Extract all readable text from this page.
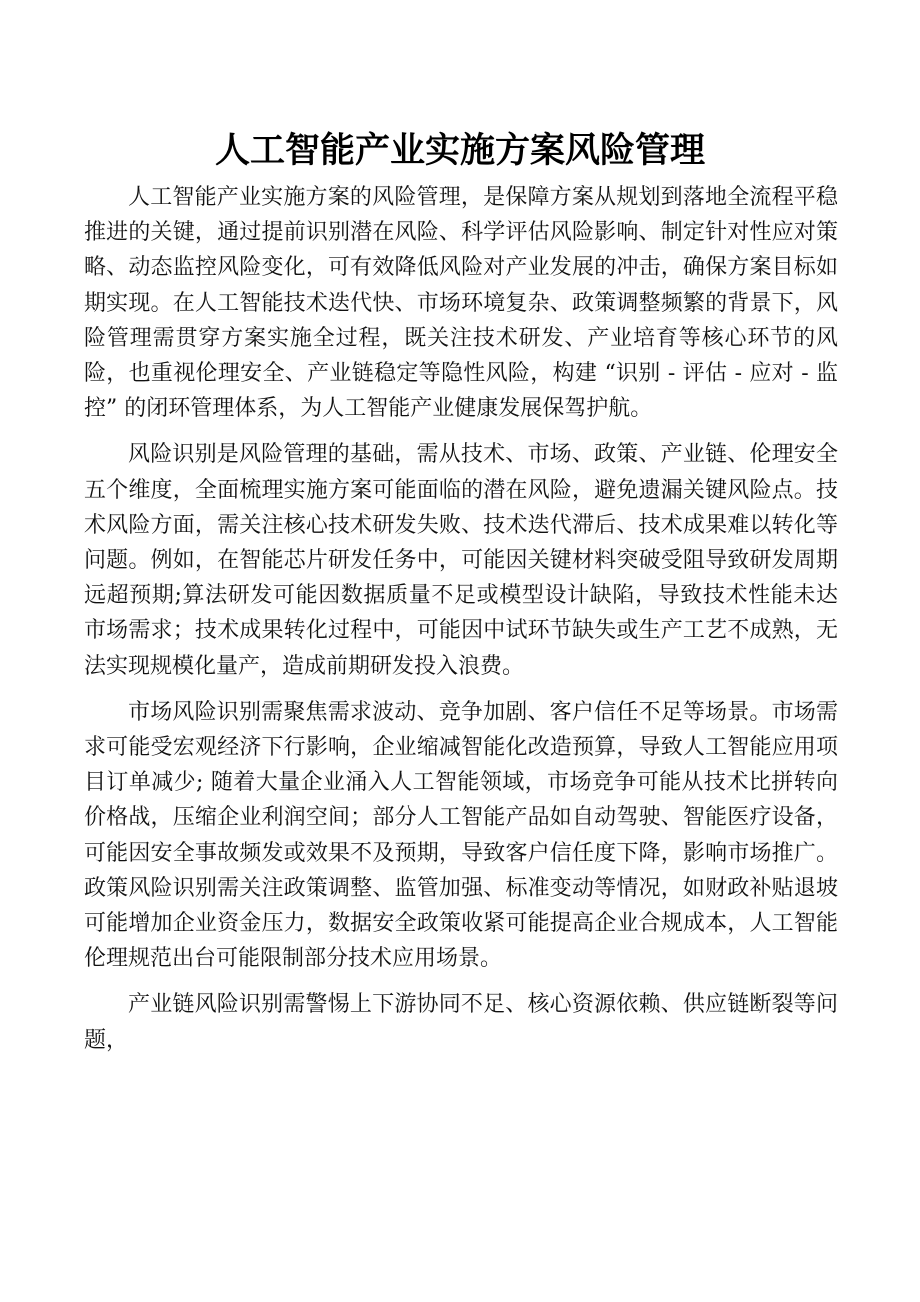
人工智能产业实施方案风险管理

人工智能产业实施方案的风险管理，是保障方案从规划到落地全流程平稳推进的关键，通过提前识别潜在风险、科学评估风险影响、制定针对性应对策略、动态监控风险变化，可有效降低风险对产业发展的冲击，确保方案目标如期实现。在人工智能技术迭代快、市场环境复杂、政策调整频繁的背景下，风险管理需贯穿方案实施全过程，既关注技术研发、产业培育等核心环节的风险，也重视伦理安全、产业链稳定等隐性风险，构建 “识别 - 评估 - 应对 - 监控” 的闭环管理体系，为人工智能产业健康发展保驾护航。

风险识别是风险管理的基础，需从技术、市场、政策、产业链、伦理安全五个维度，全面梳理实施方案可能面临的潜在风险，避免遗漏关键风险点。技术风险方面，需关注核心技术研发失败、技术迭代滞后、技术成果难以转化等问题。例如，在智能芯片研发任务中，可能因关键材料突破受阻导致研发周期远超预期;算法研发可能因数据质量不足或模型设计缺陷，导致技术性能未达市场需求；技术成果转化过程中，可能因中试环节缺失或生产工艺不成熟，无法实现规模化量产，造成前期研发投入浪费。

市场风险识别需聚焦需求波动、竞争加剧、客户信任不足等场景。市场需求可能受宏观经济下行影响，企业缩减智能化改造预算，导致人工智能应用项目订单减少; 随着大量企业涌入人工智能领域，市场竞争可能从技术比拼转向价格战，压缩企业利润空间；部分人工智能产品如自动驾驶、智能医疗设备，可能因安全事故频发或效果不及预期，导致客户信任度下降，影响市场推广。政策风险识别需关注政策调整、监管加强、标准变动等情况，如财政补贴退坡可能增加企业资金压力，数据安全政策收紧可能提高企业合规成本，人工智能伦理规范出台可能限制部分技术应用场景。

产业链风险识别需警惕上下游协同不足、核心资源依赖、供应链断裂等问题，
